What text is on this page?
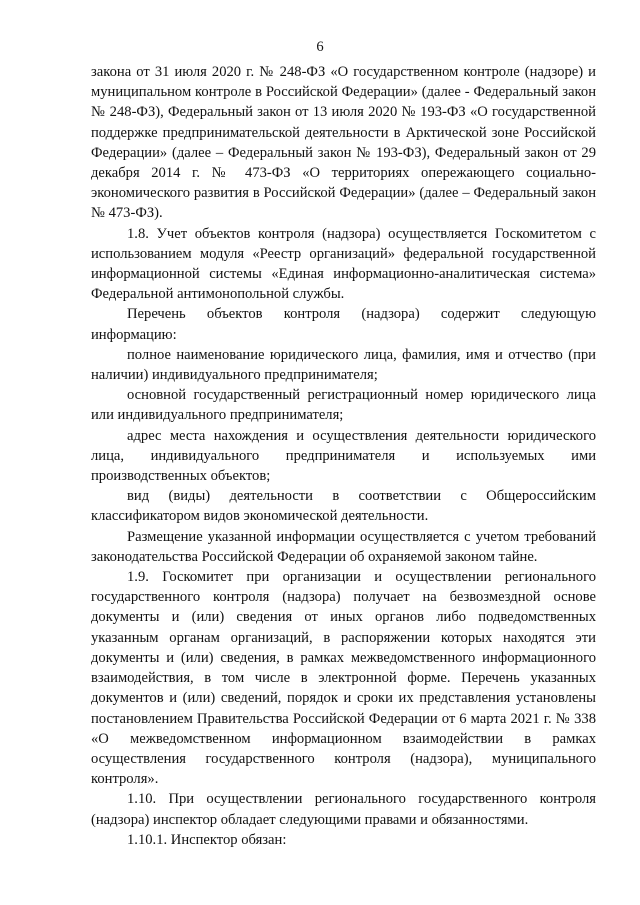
6

закона от 31 июля 2020 г. № 248-ФЗ «О государственном контроле (надзоре) и муниципальном контроле в Российской Федерации» (далее - Федеральный закон № 248-ФЗ), Федеральный закон от 13 июля 2020 № 193-ФЗ «О государственной поддержке предпринимательской деятельности в Арктической зоне Российской Федерации» (далее – Федеральный закон № 193-ФЗ), Федеральный закон от 29 декабря 2014 г. № 473-ФЗ «О территориях опережающего социально-экономического развития в Российской Федерации» (далее – Федеральный закон № 473-ФЗ).

1.8. Учет объектов контроля (надзора) осуществляется Госкомитетом с использованием модуля «Реестр организаций» федеральной государственной информационной системы «Единая информационно-аналитическая система» Федеральной антимонопольной службы.

Перечень объектов контроля (надзора) содержит следующую информацию:

полное наименование юридического лица, фамилия, имя и отчество (при наличии) индивидуального предпринимателя;

основной государственный регистрационный номер юридического лица или индивидуального предпринимателя;

адрес места нахождения и осуществления деятельности юридического лица, индивидуального предпринимателя и используемых ими производственных объектов;

вид (виды) деятельности в соответствии с Общероссийским классификатором видов экономической деятельности.

Размещение указанной информации осуществляется с учетом требований законодательства Российской Федерации об охраняемой законом тайне.

1.9. Госкомитет при организации и осуществлении регионального государственного контроля (надзора) получает на безвозмездной основе документы и (или) сведения от иных органов либо подведомственных указанным органам организаций, в распоряжении которых находятся эти документы и (или) сведения, в рамках межведомственного информационного взаимодействия, в том числе в электронной форме. Перечень указанных документов и (или) сведений, порядок и сроки их представления установлены постановлением Правительства Российской Федерации от 6 марта 2021 г. № 338 «О межведомственном информационном взаимодействии в рамках осуществления государственного контроля (надзора), муниципального контроля».

1.10. При осуществлении регионального государственного контроля (надзора) инспектор обладает следующими правами и обязанностями.

1.10.1. Инспектор обязан:
